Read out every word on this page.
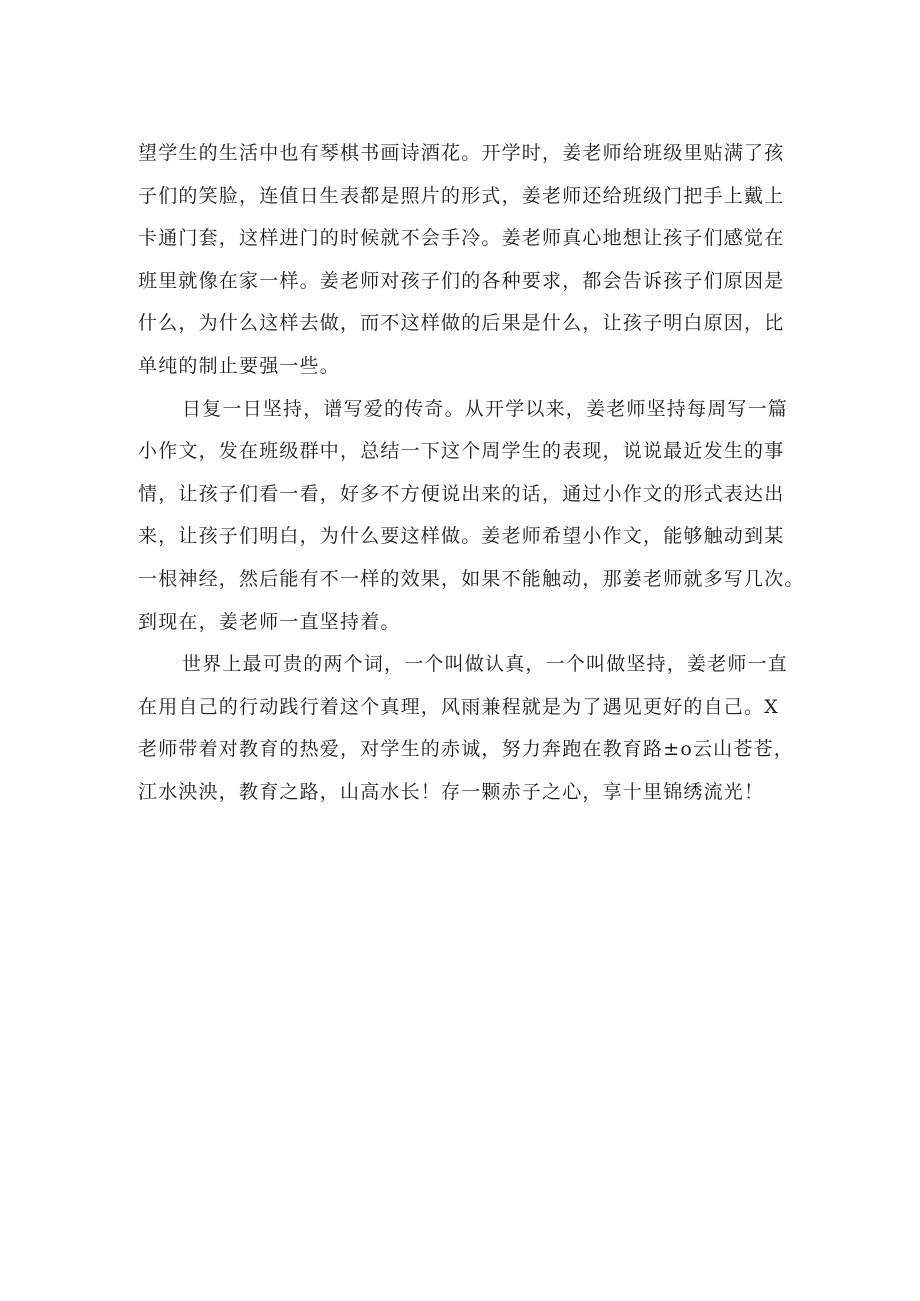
望学生的生活中也有琴棋书画诗酒花。开学时，姜老师给班级里贴满了孩
子们的笑脸，连值日生表都是照片的形式，姜老师还给班级门把手上戴上
卡通门套，这样进门的时候就不会手冷。姜老师真心地想让孩子们感觉在
班里就像在家一样。姜老师对孩子们的各种要求，都会告诉孩子们原因是
什么，为什么这样去做，而不这样做的后果是什么，让孩子明白原因，比
单纯的制止要强一些。

日复一日坚持，谱写爱的传奇。从开学以来，姜老师坚持每周写一篇
小作文，发在班级群中，总结一下这个周学生的表现，说说最近发生的事
情，让孩子们看一看，好多不方便说出来的话，通过小作文的形式表达出
来，让孩子们明白，为什么要这样做。姜老师希望小作文，能够触动到某
一根神经，然后能有不一样的效果，如果不能触动，那姜老师就多写几次。
到现在，姜老师一直坚持着。

世界上最可贵的两个词，一个叫做认真，一个叫做坚持，姜老师一直
在用自己的行动践行着这个真理，风雨兼程就是为了遇见更好的自己。X
老师带着对教育的热爱，对学生的赤诚，努力奔跑在教育路±o云山苍苍，
江水泱泱，教育之路，山高水长！存一颗赤子之心，享十里锦绣流光！
